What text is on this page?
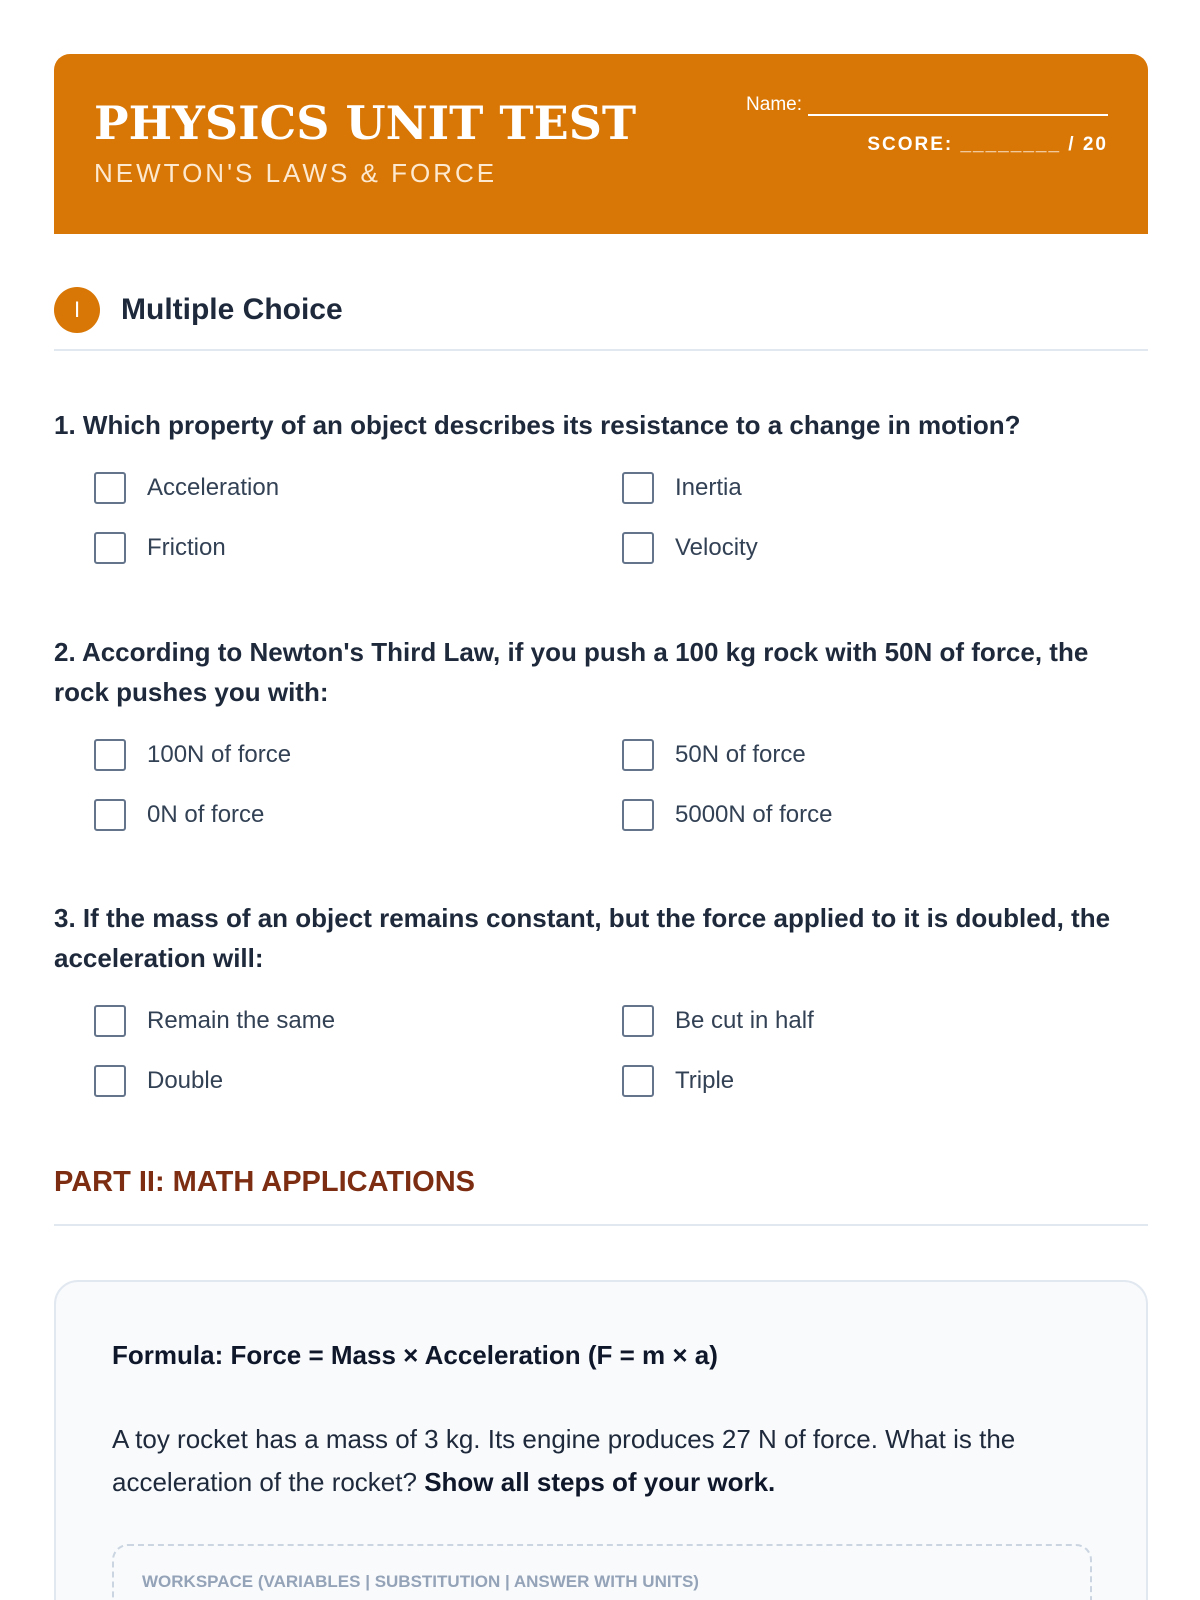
PHYSICS UNIT TEST
NEWTON'S LAWS & FORCE
Name:
SCORE: ________ / 20
I	Multiple Choice
1. Which property of an object describes its resistance to a change in motion?
Acceleration	Inertia
Friction	Velocity
2. According to Newton's Third Law, if you push a 100 kg rock with 50N of force, the rock pushes you with:
100N of force	50N of force
0N of force	5000N of force
3. If the mass of an object remains constant, but the force applied to it is doubled, the acceleration will:
Remain the same	Be cut in half
Double	Triple
PART II: MATH APPLICATIONS
Formula: Force = Mass × Acceleration (F = m × a)
A toy rocket has a mass of 3 kg. Its engine produces 27 N of force. What is the acceleration of the rocket? Show all steps of your work.
WORKSPACE (VARIABLES | SUBSTITUTION | ANSWER WITH UNITS)
